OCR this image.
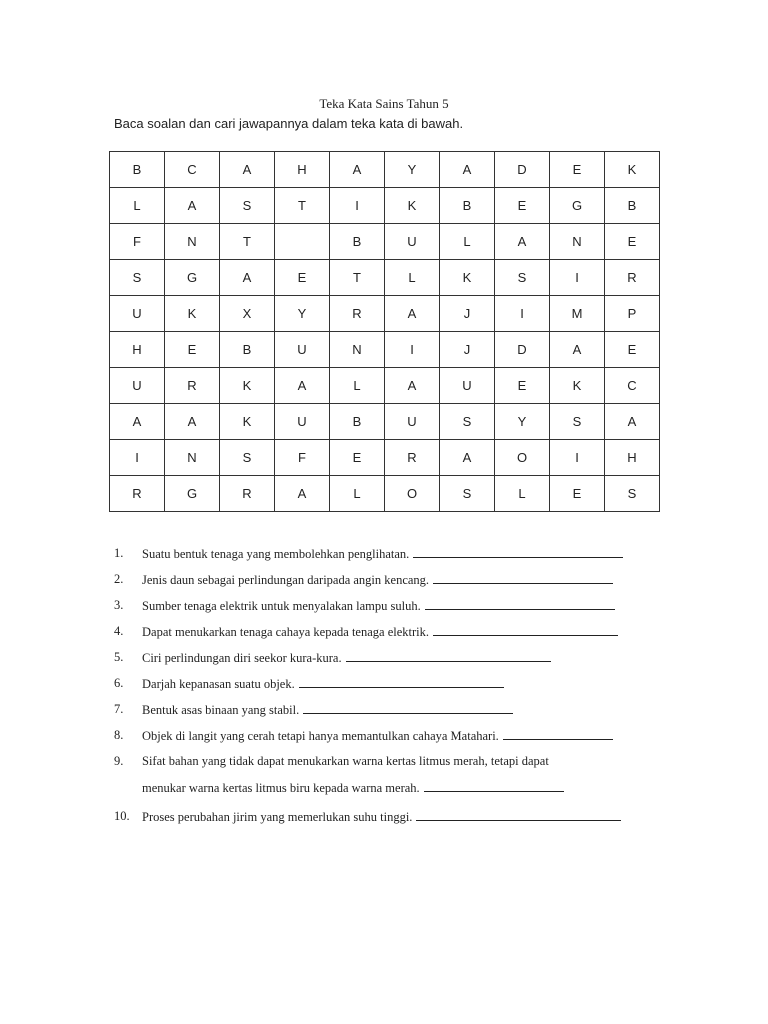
Teka Kata Sains Tahun 5
Baca soalan dan cari jawapannya dalam teka kata di bawah.
B	C	A	H	A	Y	A	D	E	K
L	A	S	T	I	K	B	E	G	B
F	N	T		B	U	L	A	N	E
S	G	A	E	T	L	K	S	I	R
U	K	X	Y	R	A	J	I	M	P
H	E	B	U	N	I	J	D	A	E
U	R	K	A	L	A	U	E	K	C
A	A	K	U	B	U	S	Y	S	A
I	N	S	F	E	R	A	O	I	H
R	G	R	A	L	O	S	L	E	S
1.	Suatu bentuk tenaga yang membolehkan penglihatan.
2.	Jenis daun sebagai perlindungan daripada angin kencang.
3.	Sumber tenaga elektrik untuk menyalakan lampu suluh.
4.	Dapat menukarkan tenaga cahaya kepada tenaga elektrik.
5.	Ciri perlindungan diri seekor kura-kura.
6.	Darjah kepanasan suatu objek.
7.	Bentuk asas binaan yang stabil.
8.	Objek di langit yang cerah tetapi hanya memantulkan cahaya Matahari.
9.	Sifat bahan yang tidak dapat menukarkan warna kertas litmus merah, tetapi dapat
menukar warna kertas litmus biru kepada warna merah.
10. Proses perubahan jirim yang memerlukan suhu tinggi.
